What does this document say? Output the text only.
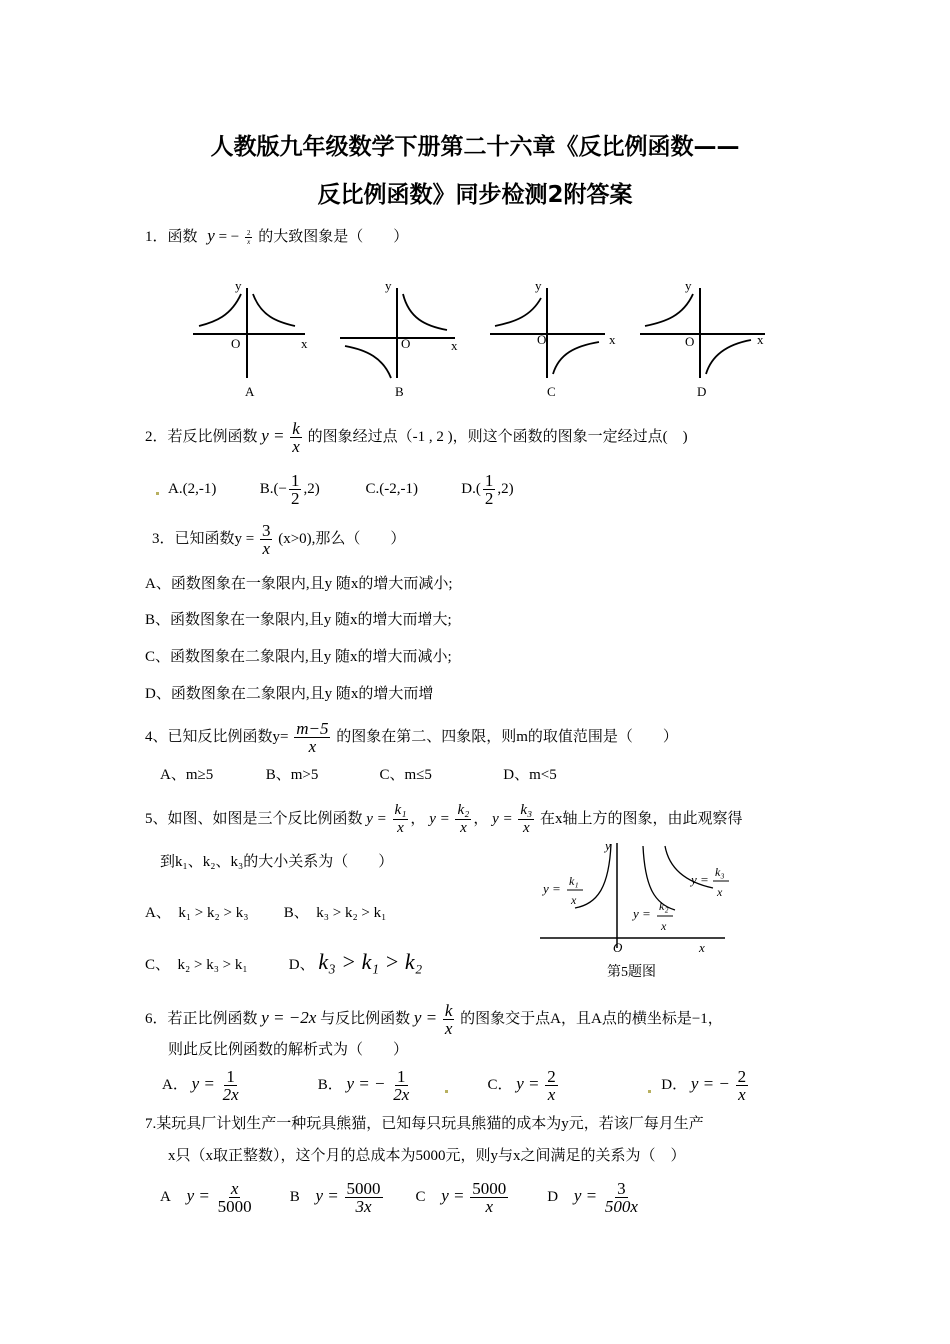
人教版九年级数学下册第二十六章《反比例函数——
反比例函数》同步检测2附答案
1．函数 y = − $\frac{2}{x}$ 的大致图象是（　　）
y
x
O
A
y
x
O
B
y
x
O
C
y
x
O
D
2．若反比例函数 $y = \frac{k}{x}$ 的图象经过点（-1 , 2 )，则这个函数的图象一定经过点(　)
A.(2,-1)	$B.(- \frac{1}{2} ,2)$	C.(-2,-1)	$D.( \frac{1}{2} ,2)$
3．已知函数$y = \frac{3}{x} (x>0)$,那么（　　）
A、函数图象在一象限内,且y 随x的增大而减小;
B、函数图象在一象限内,且y 随x的增大而增大;
C、函数图象在二象限内,且y 随x的增大而减小;
D、函数图象在二象限内,且y 随x的增大而增
4、已知反比例函数$y= \frac{m-5}{x}$ 的图象在第二、四象限，则m的取值范围是（　　）
A、m≥5	B、m>5	C、m≤5	D、m<5
5、如图、如图是三个反比例函数 $y = \frac{\text{k₁}}{x}$ ， $y = \frac{\text{k₂}}{x}$ ， $y = \frac{\text{k₃}}{x}$ 在x轴上方的图象，由此观察得
到k₁、k₂、k₃的大小关系为（　　）
A、　k₁ > k₂ > k₃ B、　k₃ > k₂ > k₁
C、　k₂ > k₃ > k₁	D、 k₃ > k₁ > k₂
y
O	x
y = k₁
x
y = k₂
x
y = k₃
x
第5题图
6．若正比例函数 y = −2x 与反比例函数 $y = \frac{k}{x}$ 的图象交于点A，且A点的横坐标是−1，
则此反比例函数的解析式为（　　）
A． $y = \frac{1}{2x}$	B． y = − $\frac{1}{2x}$	C． $y = \frac{2}{x}$	D． y = − $\frac{2}{x}$
7.某玩具厂计划生产一种玩具熊猫，已知每只玩具熊猫的成本为y元，若该厂每月生产
x只（x取正整数），这个月的总成本为5000元，则y与x之间满足的关系为（　）
A $y = \frac{x}{5000}$ B $y = \frac{5000}{3x}$ C $y = \frac{5000}{x}$	D $y = \frac{3}{500x}$
